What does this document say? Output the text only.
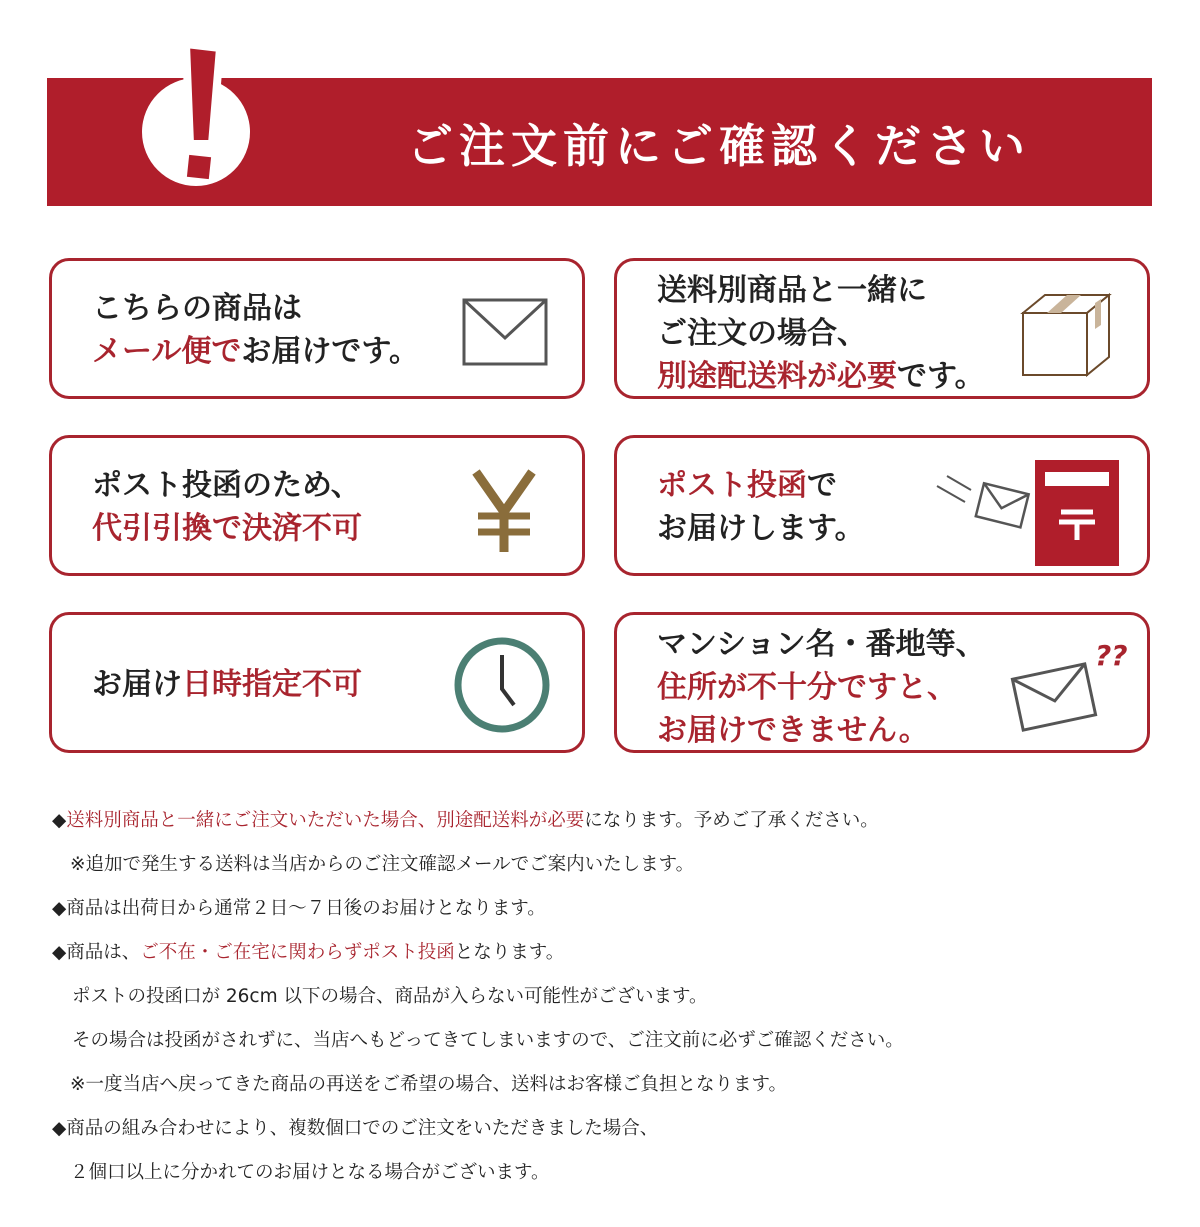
ご注文前にご確認ください
こちらの商品は
メール便でお届けです。
送料別商品と一緒に
ご注文の場合、
別途配送料が必要です。
ポスト投函のため、
代引引換で決済不可
ポスト投函で
お届けします。
お届け日時指定不可
マンション名・番地等、
住所が不十分ですと、
お届けできません。
??
◆送料別商品と一緒にご注文いただいた場合、別途配送料が必要になります。予めご了承ください。
※追加で発生する送料は当店からのご注文確認メールでご案内いたします。
◆商品は出荷日から通常２日～７日後のお届けとなります。
◆商品は、ご不在・ご在宅に関わらずポスト投函となります。
ポストの投函口が 26cm 以下の場合、商品が入らない可能性がございます。
その場合は投函がされずに、当店へもどってきてしまいますので、ご注文前に必ずご確認ください。
※一度当店へ戻ってきた商品の再送をご希望の場合、送料はお客様ご負担となります。
◆商品の組み合わせにより、複数個口でのご注文をいただきました場合、
２個口以上に分かれてのお届けとなる場合がございます。
